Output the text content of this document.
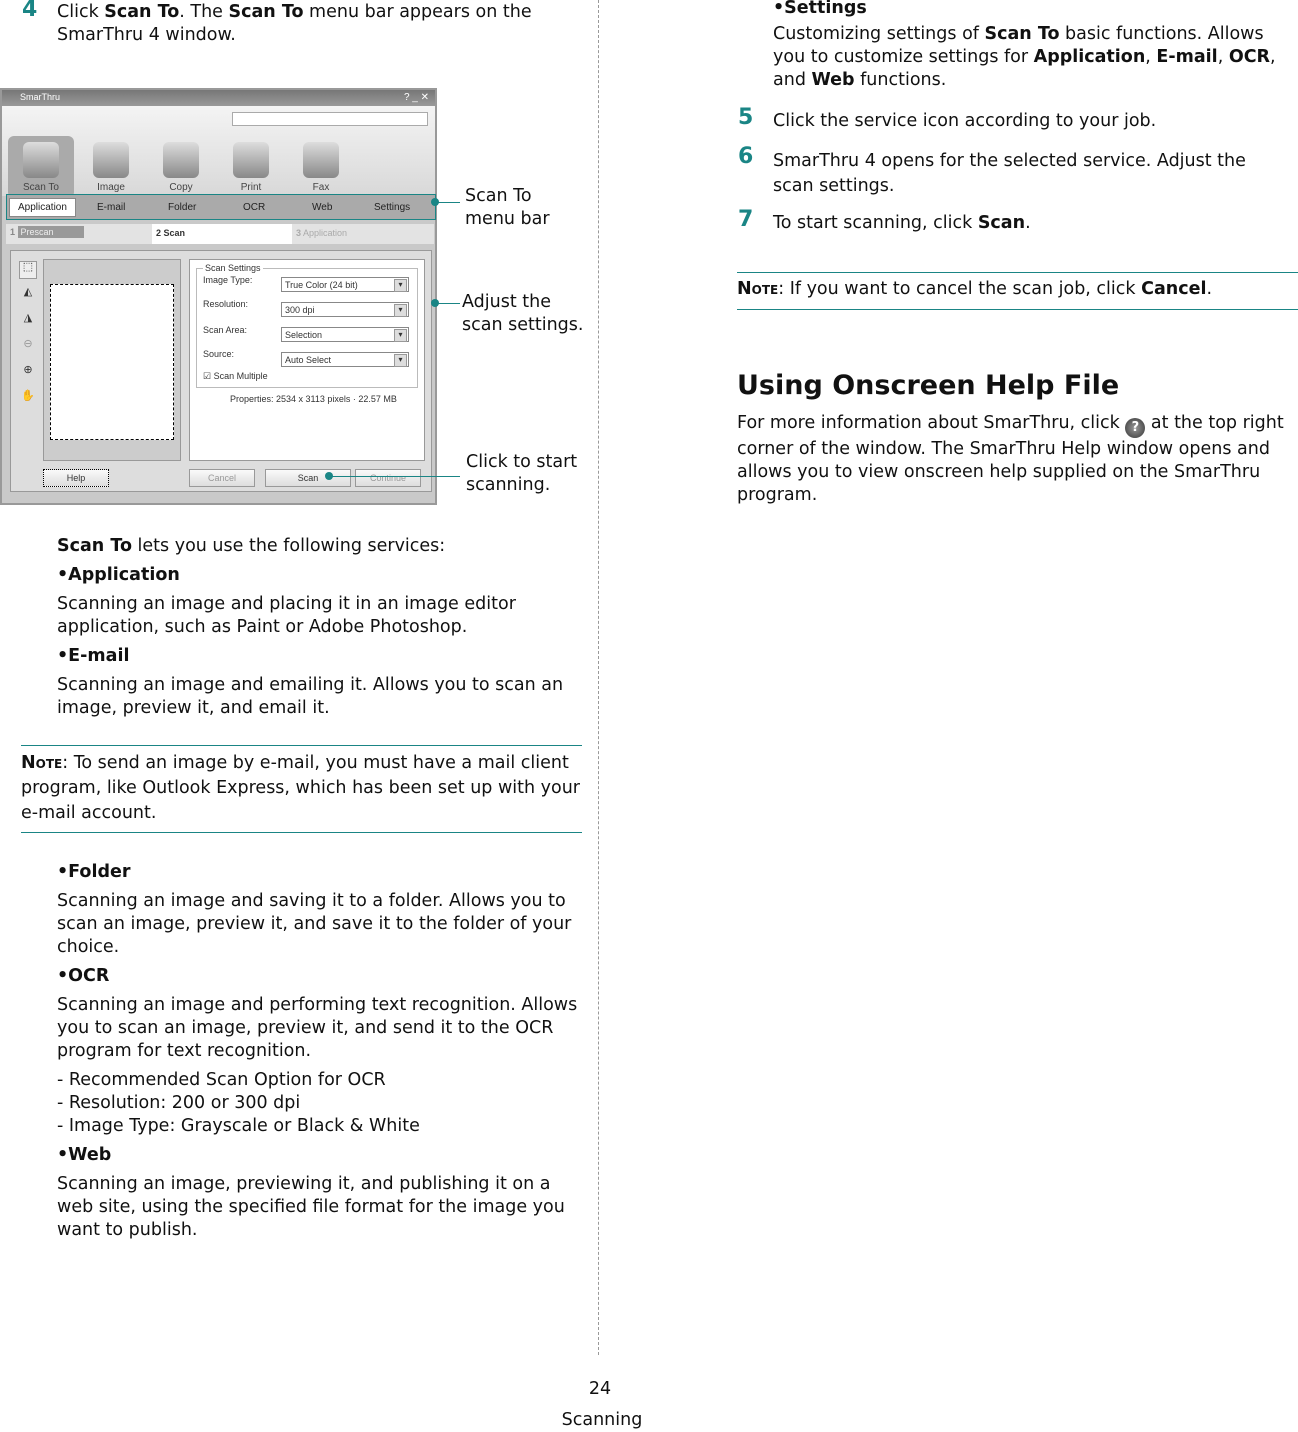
4 Click Scan To. The Scan To menu bar appears on the SmarThru 4 window.
SmarThru	? _ ✕
Scan To	Image	Copy	Print	Fax
Application	E-mail	Folder	OCR	Web	Settings
1 Prescan	2 Scan	3 Application
⬚
◭
◮
⊖
⊕
✋
Scan Settings
Image Type:	True Color (24 bit) ▾
Resolution:
300 dpi ▾
Scan Area:	Selection ▾
Source:
Auto Select ▾
☑ Scan Multiple
Properties: 2534 x 3113 pixels · 22.57 MB
Help	Cancel	Scan	Continue
Scan To menu bar
Adjust the scan settings.
Click to start scanning.
Scan To lets you use the following services:
•Application
Scanning an image and placing it in an image editor application, such as Paint or Adobe Photoshop.
•E-mail
Scanning an image and emailing it. Allows you to scan an image, preview it, and email it.
Note: To send an image by e-mail, you must have a mail client program, like Outlook Express, which has been set up with your e-mail account.
•Folder
Scanning an image and saving it to a folder. Allows you to scan an image, preview it, and save it to the folder of your choice.
•OCR
Scanning an image and performing text recognition. Allows you to scan an image, preview it, and send it to the OCR program for text recognition.
- Recommended Scan Option for OCR
- Resolution: 200 or 300 dpi
- Image Type: Grayscale or Black & White
•Web
Scanning an image, previewing it, and publishing it on a web site, using the specified file format for the image you want to publish.
•Settings
Customizing settings of Scan To basic functions. Allows you to customize settings for Application, E-mail, OCR, and Web functions.
5 Click the service icon according to your job.
6 SmarThru 4 opens for the selected service. Adjust the scan settings.
7 To start scanning, click Scan.
Note: If you want to cancel the scan job, click Cancel.
Using Onscreen Help File
For more information about SmarThru, click ? at the top right corner of the window. The SmarThru Help window opens and allows you to view onscreen help supplied on the SmarThru program.
24
Scanning
